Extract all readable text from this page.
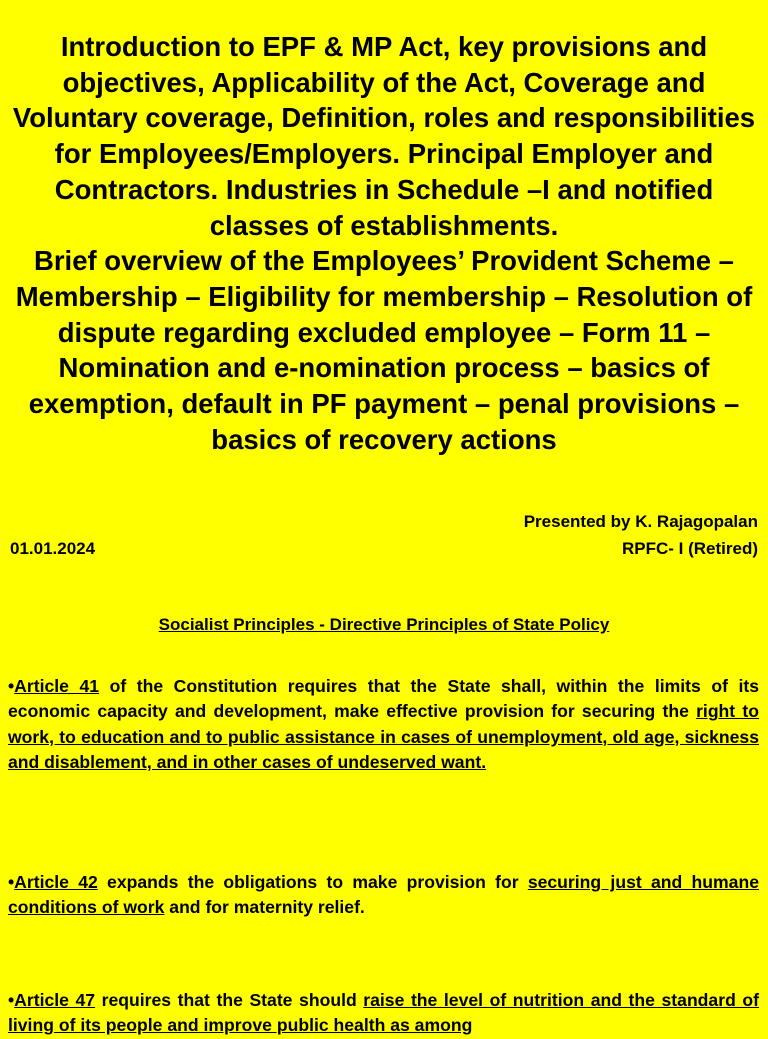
Introduction to EPF & MP Act, key provisions and objectives, Applicability of the Act, Coverage and Voluntary coverage, Definition, roles and responsibilities for Employees/Employers. Principal Employer and Contractors. Industries in Schedule –I and notified classes of establishments.

Brief overview of the Employees’ Provident Scheme – Membership – Eligibility for membership – Resolution of dispute regarding excluded employee – Form 11 – Nomination and e-nomination process – basics of exemption, default in PF payment – penal provisions – basics of recovery actions

Presented by K. Rajagopalan
RPFC- I (Retired)
01.01.2024
Socialist Principles - Directive Principles of State Policy

•Article 41 of the Constitution requires that the State shall, within the limits of its economic capacity and development, make effective provision for securing the right to work, to education and to public assistance in cases of unemployment, old age, sickness and disablement, and in other cases of undeserved want.

•Article 42 expands the obligations to make provision for securing just and humane conditions of work and for maternity relief.

•Article 47 requires that the State should raise the level of nutrition and the standard of living of its people and improve public health as among
